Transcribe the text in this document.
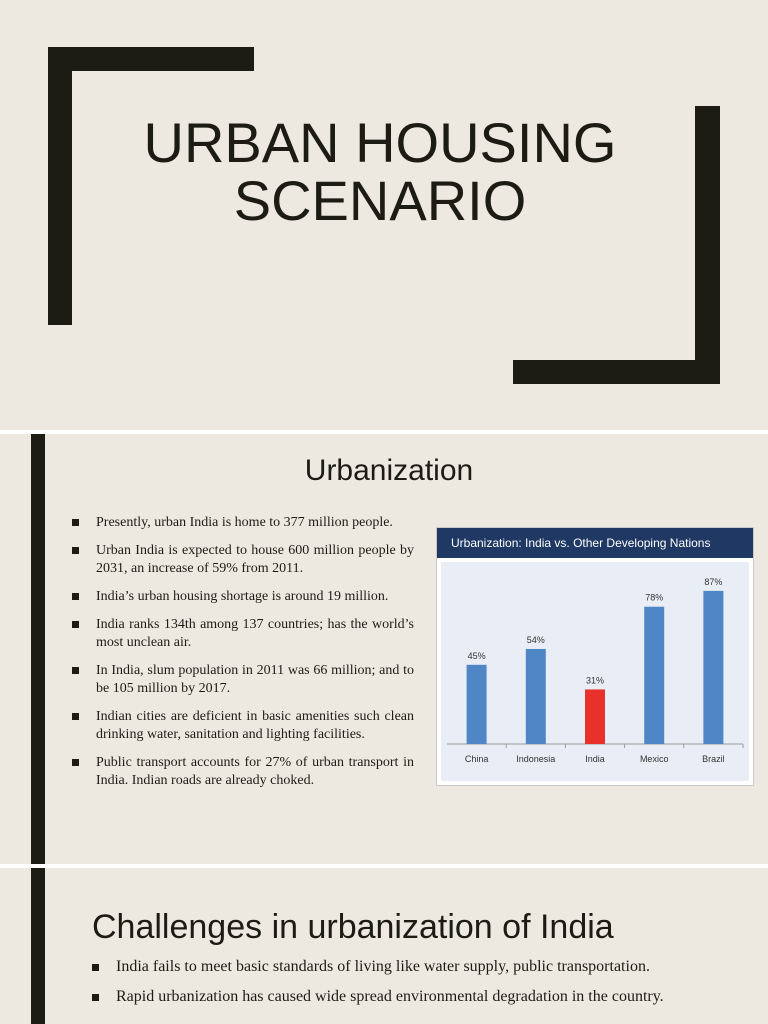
URBAN HOUSING
SCENARIO
Urbanization
Presently, urban India is home to 377 million people.
Urban India is expected to house 600 million people by 2031, an increase of 59% from 2011.
India’s urban housing shortage is around 19 million.
India ranks 134th among 137 countries; has the world’s most unclean air.
In India, slum population in 2011 was 66 million; and to be 105 million by 2017.
Indian cities are deficient in basic amenities such clean drinking water, sanitation and lighting facilities.
Public transport accounts for 27% of urban transport in India. Indian roads are already choked.
Urbanization: India vs. Other Developing Nations
45%
China
54%
Indonesia
31%
India
78%
Mexico
87%
Brazil
Challenges in urbanization of India
India fails to meet basic standards of living like water supply, public transportation.
Rapid urbanization has caused wide spread environmental degradation in the country.
